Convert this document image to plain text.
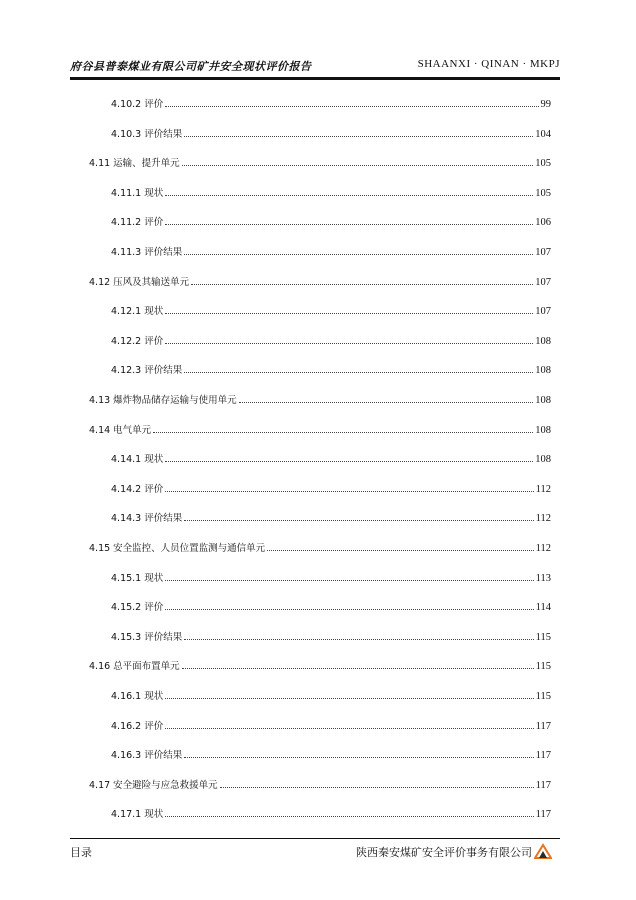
府谷县普泰煤业有限公司矿井安全现状评价报告	SHAANXI · QINAN · MKPJ
4.10.2 评价	99
4.10.3 评价结果	104
4.11 运输、提升单元	105
4.11.1 现状	105
4.11.2 评价	106
4.11.3 评价结果	107
4.12 压风及其输送单元	107
4.12.1 现状	107
4.12.2 评价	108
4.12.3 评价结果	108
4.13 爆炸物品储存运输与使用单元	108
4.14 电气单元	108
4.14.1 现状	108
4.14.2 评价	112
4.14.3 评价结果	112
4.15 安全监控、人员位置监测与通信单元	112
4.15.1 现状	113
4.15.2 评价	114
4.15.3 评价结果	115
4.16 总平面布置单元	115
4.16.1 现状	115
4.16.2 评价	117
4.16.3 评价结果	117
4.17 安全避险与应急救援单元	117
4.17.1 现状	117
目录	陕西秦安煤矿安全评价事务有限公司
